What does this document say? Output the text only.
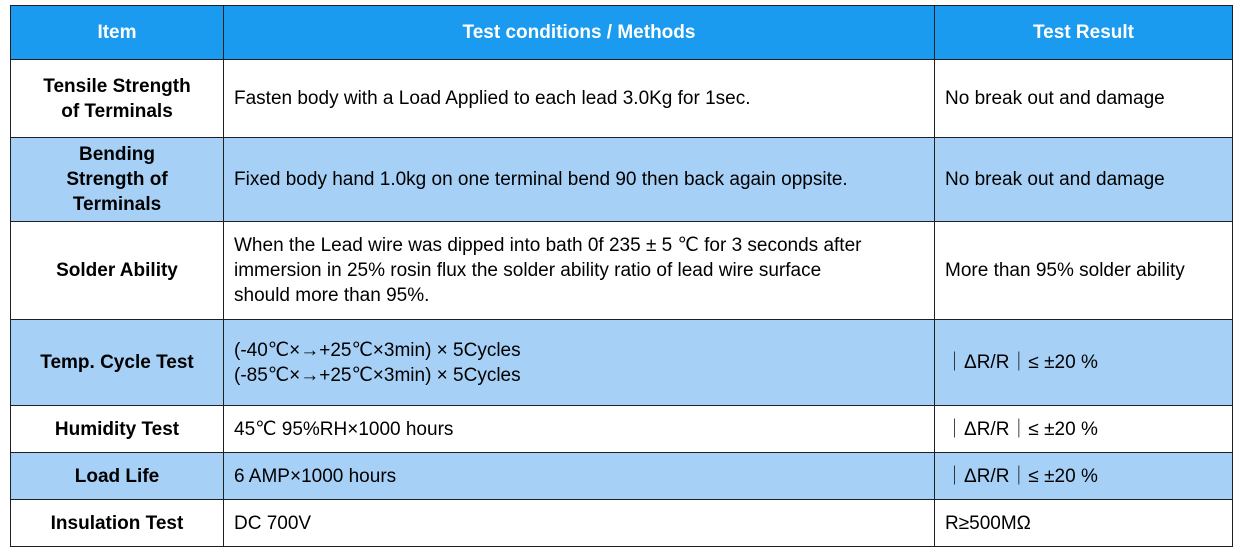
Item	Test conditions / Methods	Test Result

Tensile Strength
of Terminals	Fasten body with a Load Applied to each lead 3.0Kg for 1sec.	No break out and damage

Bending
Strength of
Terminals	Fixed body hand 1.0kg on one terminal bend 90 then back again oppsite.	No break out and damage

Solder Ability	When the Lead wire was dipped into bath 0f 235 ± 5 ℃ for 3 seconds after
immersion in 25% rosin flux the solder ability ratio of lead wire surface
should more than 95%.	More than 95% solder ability

Temp. Cycle Test	(-40℃×→+25℃×3min) × 5Cycles
(-85℃×→+25℃×3min) × 5Cycles	｜ΔR/R｜≤ ±20 %

Humidity Test	45℃ 95%RH×1000 hours	｜ΔR/R｜≤ ±20 %

Load Life	6 AMP×1000 hours	｜ΔR/R｜≤ ±20 %

Insulation Test	DC 700V	R≥500MΩ
